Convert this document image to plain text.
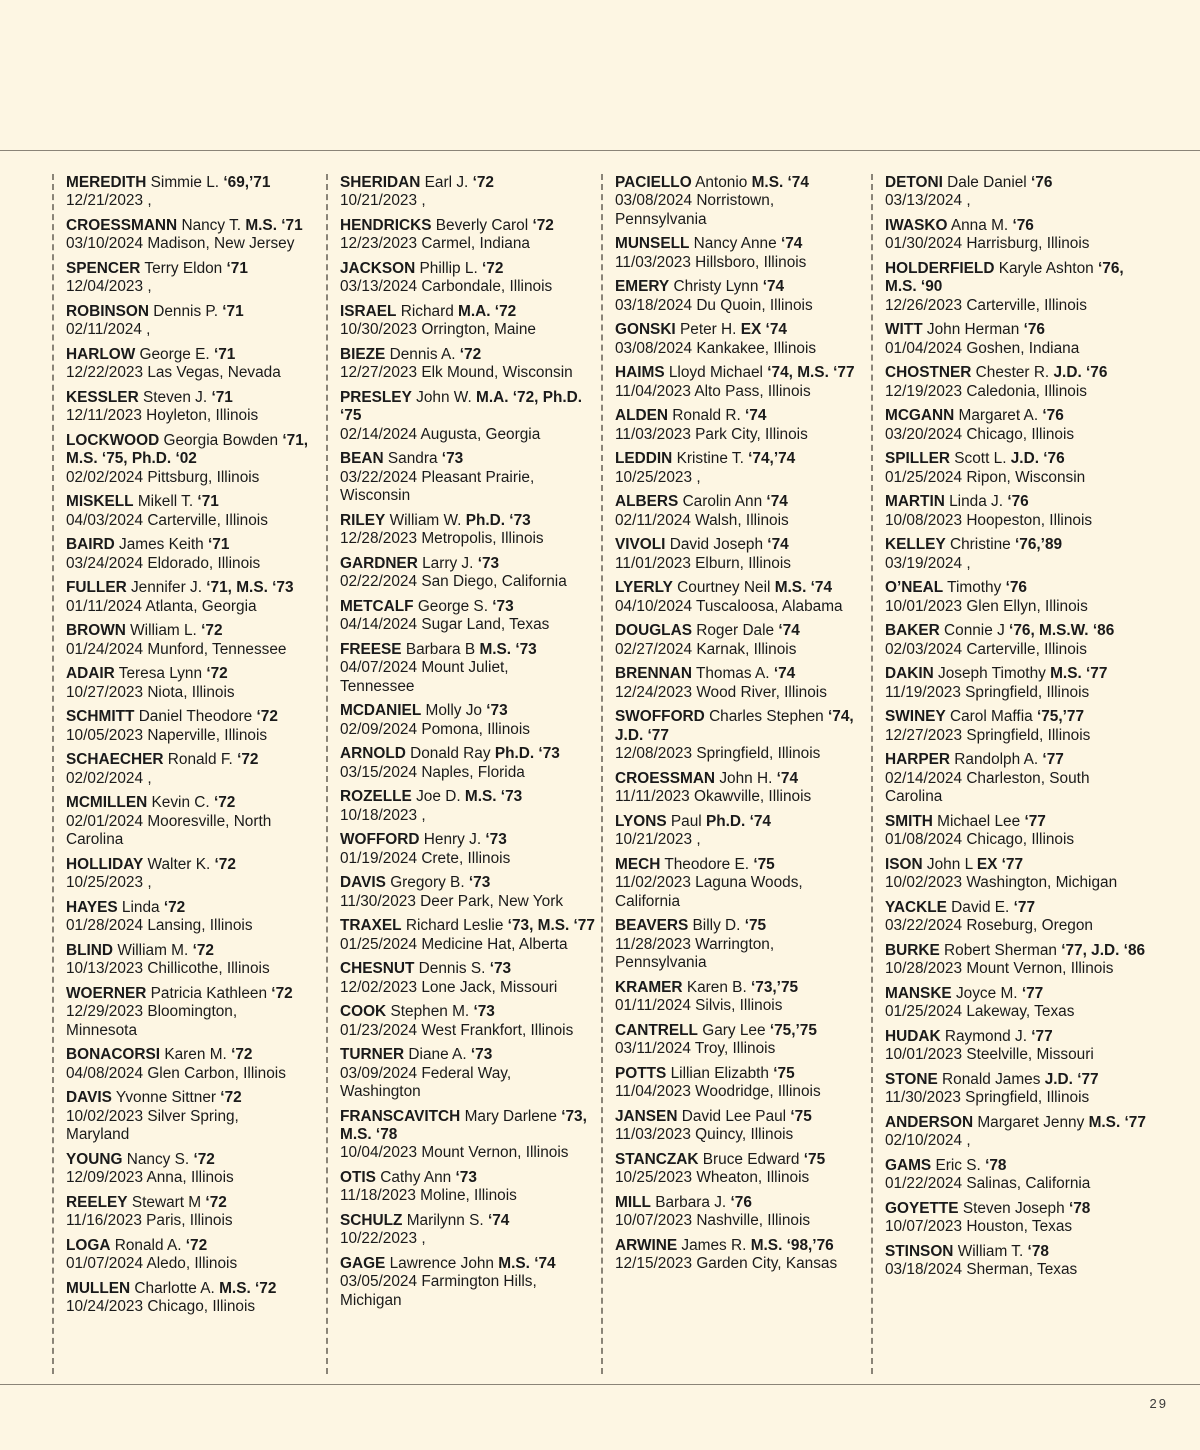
MEREDITH Simmie L. ‘69,’71
12/21/2023 ,
CROESSMANN Nancy T. M.S. ‘71
03/10/2024 Madison, New Jersey
SPENCER Terry Eldon ‘71
12/04/2023 ,
ROBINSON Dennis P. ‘71
02/11/2024 ,
HARLOW George E. ‘71
12/22/2023 Las Vegas, Nevada
KESSLER Steven J. ‘71
12/11/2023 Hoyleton, Illinois
LOCKWOOD Georgia Bowden ‘71,
M.S. ‘75, Ph.D. ‘02
02/02/2024 Pittsburg, Illinois
MISKELL Mikell T. ‘71
04/03/2024 Carterville, Illinois
BAIRD James Keith ‘71
03/24/2024 Eldorado, Illinois
FULLER Jennifer J. ‘71, M.S. ‘73
01/11/2024 Atlanta, Georgia
BROWN William L. ‘72
01/24/2024 Munford, Tennessee
ADAIR Teresa Lynn ‘72
10/27/2023 Niota, Illinois
SCHMITT Daniel Theodore ‘72
10/05/2023 Naperville, Illinois
SCHAECHER Ronald F. ‘72
02/02/2024 ,
MCMILLEN Kevin C. ‘72
02/01/2024 Mooresville, North
Carolina
HOLLIDAY Walter K. ‘72
10/25/2023 ,
HAYES Linda ‘72
01/28/2024 Lansing, Illinois
BLIND William M. ‘72
10/13/2023 Chillicothe, Illinois
WOERNER Patricia Kathleen ‘72
12/29/2023 Bloomington,
Minnesota
BONACORSI Karen M. ‘72
04/08/2024 Glen Carbon, Illinois
DAVIS Yvonne Sittner ‘72
10/02/2023 Silver Spring,
Maryland
YOUNG Nancy S. ‘72
12/09/2023 Anna, Illinois
REELEY Stewart M ‘72
11/16/2023 Paris, Illinois
LOGA Ronald A. ‘72
01/07/2024 Aledo, Illinois
MULLEN Charlotte A. M.S. ‘72
10/24/2023 Chicago, Illinois
SHERIDAN Earl J. ‘72
10/21/2023 ,
HENDRICKS Beverly Carol ‘72
12/23/2023 Carmel, Indiana
JACKSON Phillip L. ‘72
03/13/2024 Carbondale, Illinois
ISRAEL Richard M.A. ‘72
10/30/2023 Orrington, Maine
BIEZE Dennis A. ‘72
12/27/2023 Elk Mound, Wisconsin
PRESLEY John W. M.A. ‘72, Ph.D.
‘75
02/14/2024 Augusta, Georgia
BEAN Sandra ‘73
03/22/2024 Pleasant Prairie,
Wisconsin
RILEY William W. Ph.D. ‘73
12/28/2023 Metropolis, Illinois
GARDNER Larry J. ‘73
02/22/2024 San Diego, California
METCALF George S. ‘73
04/14/2024 Sugar Land, Texas
FREESE Barbara B M.S. ‘73
04/07/2024 Mount Juliet,
Tennessee
MCDANIEL Molly Jo ‘73
02/09/2024 Pomona, Illinois
ARNOLD Donald Ray Ph.D. ‘73
03/15/2024 Naples, Florida
ROZELLE Joe D. M.S. ‘73
10/18/2023 ,
WOFFORD Henry J. ‘73
01/19/2024 Crete, Illinois
DAVIS Gregory B. ‘73
11/30/2023 Deer Park, New York
TRAXEL Richard Leslie ‘73, M.S. ‘77
01/25/2024 Medicine Hat, Alberta
CHESNUT Dennis S. ‘73
12/02/2023 Lone Jack, Missouri
COOK Stephen M. ‘73
01/23/2024 West Frankfort, Illinois
TURNER Diane A. ‘73
03/09/2024 Federal Way,
Washington
FRANSCAVITCH Mary Darlene ‘73,
M.S. ‘78
10/04/2023 Mount Vernon, Illinois
OTIS Cathy Ann ‘73
11/18/2023 Moline, Illinois
SCHULZ Marilynn S. ‘74
10/22/2023 ,
GAGE Lawrence John M.S. ‘74
03/05/2024 Farmington Hills,
Michigan
PACIELLO Antonio M.S. ‘74
03/08/2024 Norristown,
Pennsylvania
MUNSELL Nancy Anne ‘74
11/03/2023 Hillsboro, Illinois
EMERY Christy Lynn ‘74
03/18/2024 Du Quoin, Illinois
GONSKI Peter H. EX ‘74
03/08/2024 Kankakee, Illinois
HAIMS Lloyd Michael ‘74, M.S. ‘77
11/04/2023 Alto Pass, Illinois
ALDEN Ronald R. ‘74
11/03/2023 Park City, Illinois
LEDDIN Kristine T. ‘74,’74
10/25/2023 ,
ALBERS Carolin Ann ‘74
02/11/2024 Walsh, Illinois
VIVOLI David Joseph ‘74
11/01/2023 Elburn, Illinois
LYERLY Courtney Neil M.S. ‘74
04/10/2024 Tuscaloosa, Alabama
DOUGLAS Roger Dale ‘74
02/27/2024 Karnak, Illinois
BRENNAN Thomas A. ‘74
12/24/2023 Wood River, Illinois
SWOFFORD Charles Stephen ‘74,
J.D. ‘77
12/08/2023 Springfield, Illinois
CROESSMAN John H. ‘74
11/11/2023 Okawville, Illinois
LYONS Paul Ph.D. ‘74
10/21/2023 ,
MECH Theodore E. ‘75
11/02/2023 Laguna Woods,
California
BEAVERS Billy D. ‘75
11/28/2023 Warrington,
Pennsylvania
KRAMER Karen B. ‘73,’75
01/11/2024 Silvis, Illinois
CANTRELL Gary Lee ‘75,’75
03/11/2024 Troy, Illinois
POTTS Lillian Elizabth ‘75
11/04/2023 Woodridge, Illinois
JANSEN David Lee Paul ‘75
11/03/2023 Quincy, Illinois
STANCZAK Bruce Edward ‘75
10/25/2023 Wheaton, Illinois
MILL Barbara J. ‘76
10/07/2023 Nashville, Illinois
ARWINE James R. M.S. ‘98,’76
12/15/2023 Garden City, Kansas
DETONI Dale Daniel ‘76
03/13/2024 ,
IWASKO Anna M. ‘76
01/30/2024 Harrisburg, Illinois
HOLDERFIELD Karyle Ashton ‘76,
M.S. ‘90
12/26/2023 Carterville, Illinois
WITT John Herman ‘76
01/04/2024 Goshen, Indiana
CHOSTNER Chester R. J.D. ‘76
12/19/2023 Caledonia, Illinois
MCGANN Margaret A. ‘76
03/20/2024 Chicago, Illinois
SPILLER Scott L. J.D. ‘76
01/25/2024 Ripon, Wisconsin
MARTIN Linda J. ‘76
10/08/2023 Hoopeston, Illinois
KELLEY Christine ‘76,’89
03/19/2024 ,
O’NEAL Timothy ‘76
10/01/2023 Glen Ellyn, Illinois
BAKER Connie J ‘76, M.S.W. ‘86
02/03/2024 Carterville, Illinois
DAKIN Joseph Timothy M.S. ‘77
11/19/2023 Springfield, Illinois
SWINEY Carol Maffia ‘75,’77
12/27/2023 Springfield, Illinois
HARPER Randolph A. ‘77
02/14/2024 Charleston, South
Carolina
SMITH Michael Lee ‘77
01/08/2024 Chicago, Illinois
ISON John L EX ‘77
10/02/2023 Washington, Michigan
YACKLE David E. ‘77
03/22/2024 Roseburg, Oregon
BURKE Robert Sherman ‘77, J.D. ‘86
10/28/2023 Mount Vernon, Illinois
MANSKE Joyce M. ‘77
01/25/2024 Lakeway, Texas
HUDAK Raymond J. ‘77
10/01/2023 Steelville, Missouri
STONE Ronald James J.D. ‘77
11/30/2023 Springfield, Illinois
ANDERSON Margaret Jenny M.S. ‘77
02/10/2024 ,
GAMS Eric S. ‘78
01/22/2024 Salinas, California
GOYETTE Steven Joseph ‘78
10/07/2023 Houston, Texas
STINSON William T. ‘78
03/18/2024 Sherman, Texas
29
